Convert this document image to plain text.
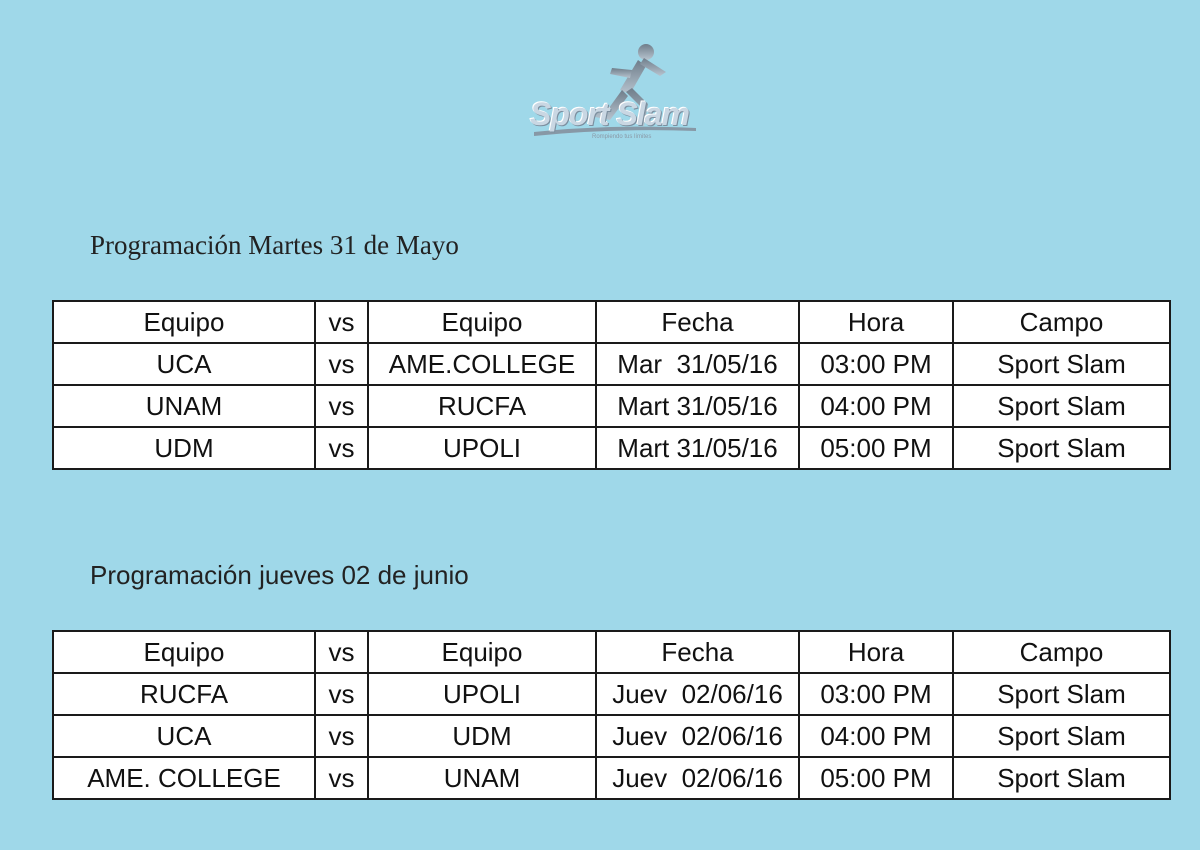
Sport Slam
Rompiendo tus límites
Programación Martes 31 de Mayo
Equipo	vs	Equipo	Fecha	Hora	Campo
UCA	vs	AME.COLLEGE	Mar  31/05/16	03:00 PM	Sport Slam
UNAM	vs	RUCFA	Mart 31/05/16	04:00 PM	Sport Slam
UDM	vs	UPOLI	Mart 31/05/16	05:00 PM	Sport Slam
Programación jueves 02 de junio
Equipo	vs	Equipo	Fecha	Hora	Campo
RUCFA	vs	UPOLI	Juev  02/06/16	03:00 PM	Sport Slam
UCA	vs	UDM	Juev  02/06/16	04:00 PM	Sport Slam
AME. COLLEGE	vs	UNAM	Juev  02/06/16	05:00 PM	Sport Slam
